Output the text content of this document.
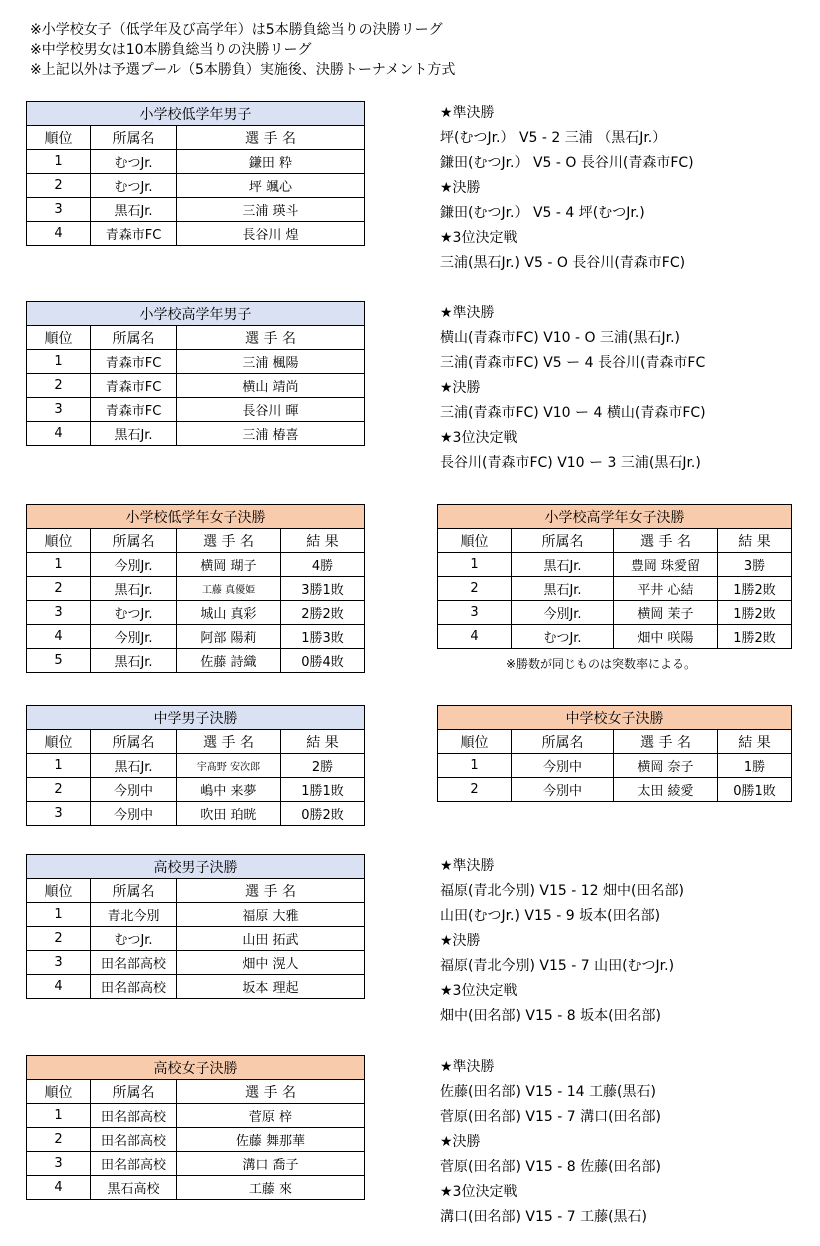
※小学校女子（低学年及び高学年）は5本勝負総当りの決勝リーグ
※中学校男女は10本勝負総当りの決勝リーグ
※上記以外は予選プール（5本勝負）実施後、決勝トーナメント方式
小学校低学年男子		
順位	所属名	選 手 名
1	むつJr.	鎌田 粋
2	むつJr.	坪 颯心
3	黒石Jr.	三浦 瑛斗
4	青森市FC	長谷川 煌
★準決勝
坪(むつJr.） V5 - 2 三浦 （黒石Jr.）
鎌田(むつJr.） V5 - O 長谷川(青森市FC)
★決勝
鎌田(むつJr.） V5 - 4 坪(むつJr.)
★3位決定戦
三浦(黒石Jr.) V5 - O 長谷川(青森市FC)
小学校高学年男子		
順位	所属名	選 手 名
1	青森市FC	三浦 楓陽
2	青森市FC	横山 靖尚
3	青森市FC	長谷川 暉
4	黒石Jr.	三浦 椿喜
★準決勝
横山(青森市FC) V10 - O 三浦(黒石Jr.)
三浦(青森市FC) V5 ー 4 長谷川(青森市FC
★決勝
三浦(青森市FC) V10 ー 4 横山(青森市FC)
★3位決定戦
長谷川(青森市FC) V10 ー 3 三浦(黒石Jr.)
小学校低学年女子決勝			
順位	所属名	選 手 名	結 果
1	今別Jr.	横岡 瑚子	4勝
2	黒石Jr.	工藤 真優姫	3勝1敗
3	むつJr.	城山 真彩	2勝2敗
4	今別Jr.	阿部 陽莉	1勝3敗
5	黒石Jr.	佐藤 詩織	0勝4敗
小学校高学年女子決勝			
順位	所属名	選 手 名	結 果
1	黒石Jr.	豊岡 珠愛留	3勝
2	黒石Jr.	平井 心結	1勝2敗
3	今別Jr.	横岡 茉子	1勝2敗
4	むつJr.	畑中 咲陽	1勝2敗
※勝数が同じものは突数率による。
中学男子決勝			
順位	所属名	選 手 名	結 果
1	黒石Jr.	宇髙野 安次郎	2勝
2	今別中	嶋中 来夢	1勝1敗
3	今別中	吹田 珀晄	0勝2敗
中学校女子決勝			
順位	所属名	選 手 名	結 果
1	今別中	横岡 奈子	1勝
2	今別中	太田 綾愛	0勝1敗
高校男子決勝		
順位	所属名	選 手 名
1	青北今別	福原 大雅
2	むつJr.	山田 拓武
3	田名部高校	畑中 滉人
4	田名部高校	坂本 理起
★準決勝
福原(青北今別) V15 - 12 畑中(田名部)
山田(むつJr.) V15 - 9 坂本(田名部)
★決勝
福原(青北今別) V15 - 7 山田(むつJr.)
★3位決定戦
畑中(田名部) V15 - 8 坂本(田名部)
高校女子決勝		
順位	所属名	選 手 名
1	田名部高校	菅原 梓
2	田名部高校	佐藤 舞那華
3	田名部高校	溝口 喬子
4	黒石高校	工藤 來
★準決勝
佐藤(田名部) V15 - 14 工藤(黒石)
菅原(田名部) V15 - 7 溝口(田名部)
★決勝
菅原(田名部) V15 - 8 佐藤(田名部)
★3位決定戦
溝口(田名部) V15 - 7 工藤(黒石)
